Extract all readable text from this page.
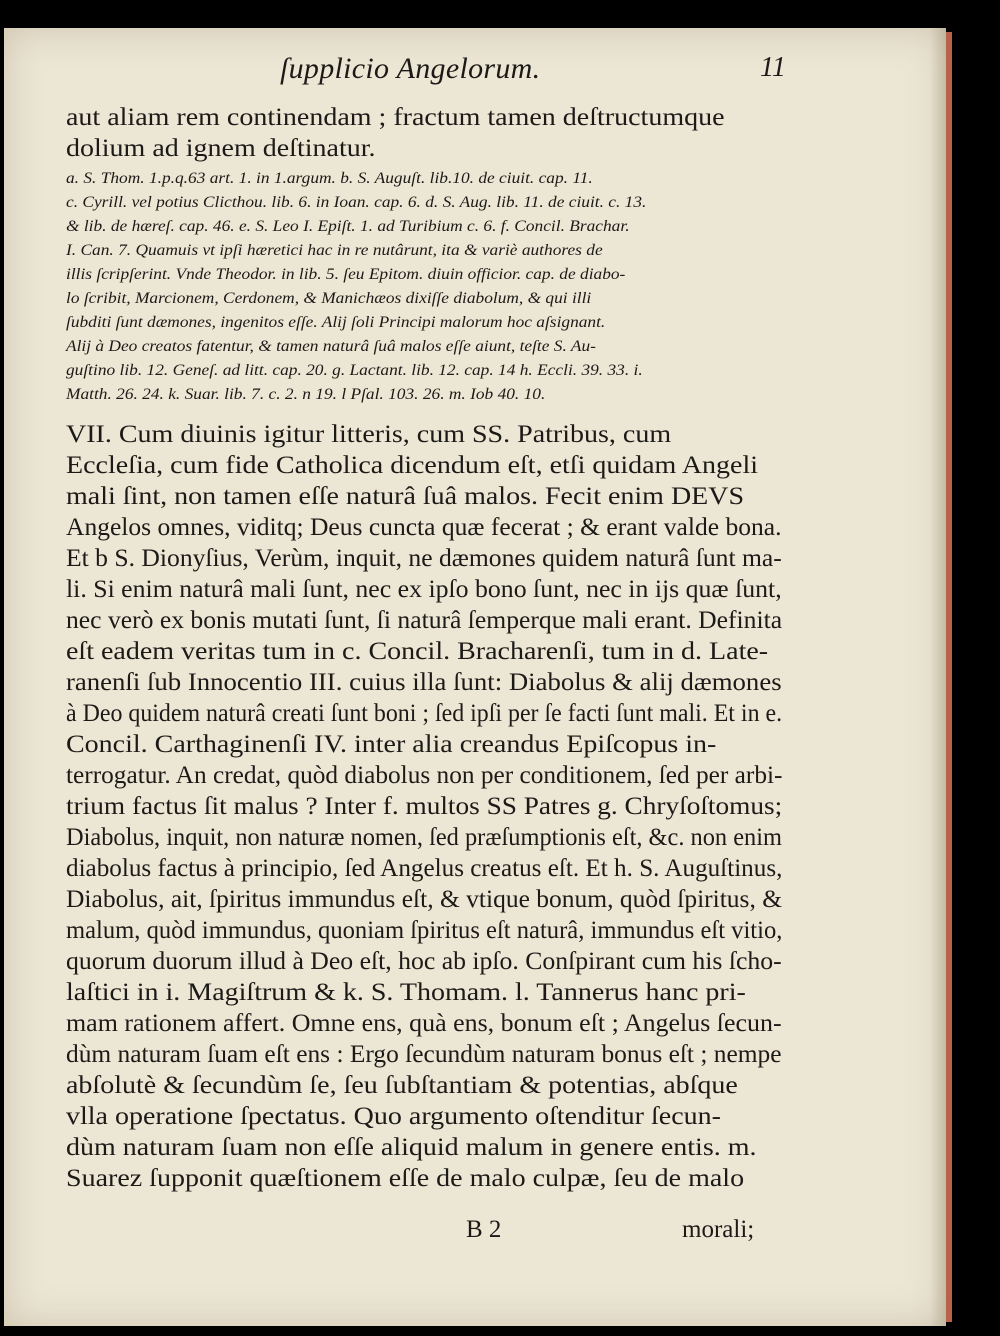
ſupplicio Angelorum.	11
aut aliam rem continendam ; fractum tamen deſtructumque
dolium ad ignem deſtinatur.
a. S. Thom. 1.p.q.63 art. 1. in 1.argum. b. S. Auguſt. lib.10. de ciuit. cap. 11.
c. Cyrill. vel potius Clicthou. lib. 6. in Ioan. cap. 6. d. S. Aug. lib. 11. de ciuit. c. 13.
& lib. de hæreſ. cap. 46. e. S. Leo I. Epiſt. 1. ad Turibium c. 6. f. Concil. Brachar.
I. Can. 7. Quamuis vt ipſi hæretici hac in re nutârunt, ita & variè authores de
illis ſcripſerint. Vnde Theodor. in lib. 5. ſeu Epitom. diuin officior. cap. de diabo-
lo ſcribit, Marcionem, Cerdonem, & Manichæos dixiſſe diabolum, & qui illi
ſubditi ſunt dæmones, ingenitos eſſe. Alij ſoli Principi malorum hoc aſsignant.
Alij à Deo creatos fatentur, & tamen naturâ ſuâ malos eſſe aiunt, teſte S. Au-
guſtino lib. 12. Geneſ. ad litt. cap. 20. g. Lactant. lib. 12. cap. 14 h. Eccli. 39. 33. i.
Matth. 26. 24. k. Suar. lib. 7. c. 2. n 19. l Pſal. 103. 26. m. Iob 40. 10.
VII. Cum diuinis igitur litteris, cum SS. Patribus, cum
Eccleſia, cum fide Catholica dicendum eſt, etſi quidam Angeli
mali ſint, non tamen eſſe naturâ ſuâ malos. Fecit enim DEVS
Angelos omnes, viditq; Deus cuncta quæ fecerat ; & erant valde bona.
Et b S. Dionyſius, Verùm, inquit, ne dæmones quidem naturâ ſunt ma-
li. Si enim naturâ mali ſunt, nec ex ipſo bono ſunt, nec in ijs quæ ſunt,
nec verò ex bonis mutati ſunt, ſi naturâ ſemperque mali erant. Definita
eſt eadem veritas tum in c. Concil. Bracharenſi, tum in d. Late-
ranenſi ſub Innocentio III. cuius illa ſunt: Diabolus & alij dæmones
à Deo quidem naturâ creati ſunt boni ; ſed ipſi per ſe facti ſunt mali. Et in e.
Concil. Carthaginenſi IV. inter alia creandus Epiſcopus in-
terrogatur. An credat, quòd diabolus non per conditionem, ſed per arbi-
trium factus ſit malus ? Inter f. multos SS Patres g. Chryſoſtomus;
Diabolus, inquit, non naturæ nomen, ſed præſumptionis eſt, &c. non enim
diabolus factus à principio, ſed Angelus creatus eſt. Et h. S. Auguſtinus,
Diabolus, ait, ſpiritus immundus eſt, & vtique bonum, quòd ſpiritus, &
malum, quòd immundus, quoniam ſpiritus eſt naturâ, immundus eſt vitio,
quorum duorum illud à Deo eſt, hoc ab ipſo. Conſpirant cum his ſcho-
laſtici in i. Magiſtrum & k. S. Thomam. l. Tannerus hanc pri-
mam rationem affert. Omne ens, quà ens, bonum eſt ; Angelus ſecun-
dùm naturam ſuam eſt ens : Ergo ſecundùm naturam bonus eſt ; nempe
abſolutè & ſecundùm ſe, ſeu ſubſtantiam & potentias, abſque
vlla operatione ſpectatus. Quo argumento oſtenditur ſecun-
dùm naturam ſuam non eſſe aliquid malum in genere entis. m.
Suarez ſupponit quæſtionem eſſe de malo culpæ, ſeu de malo
B 2	morali;
